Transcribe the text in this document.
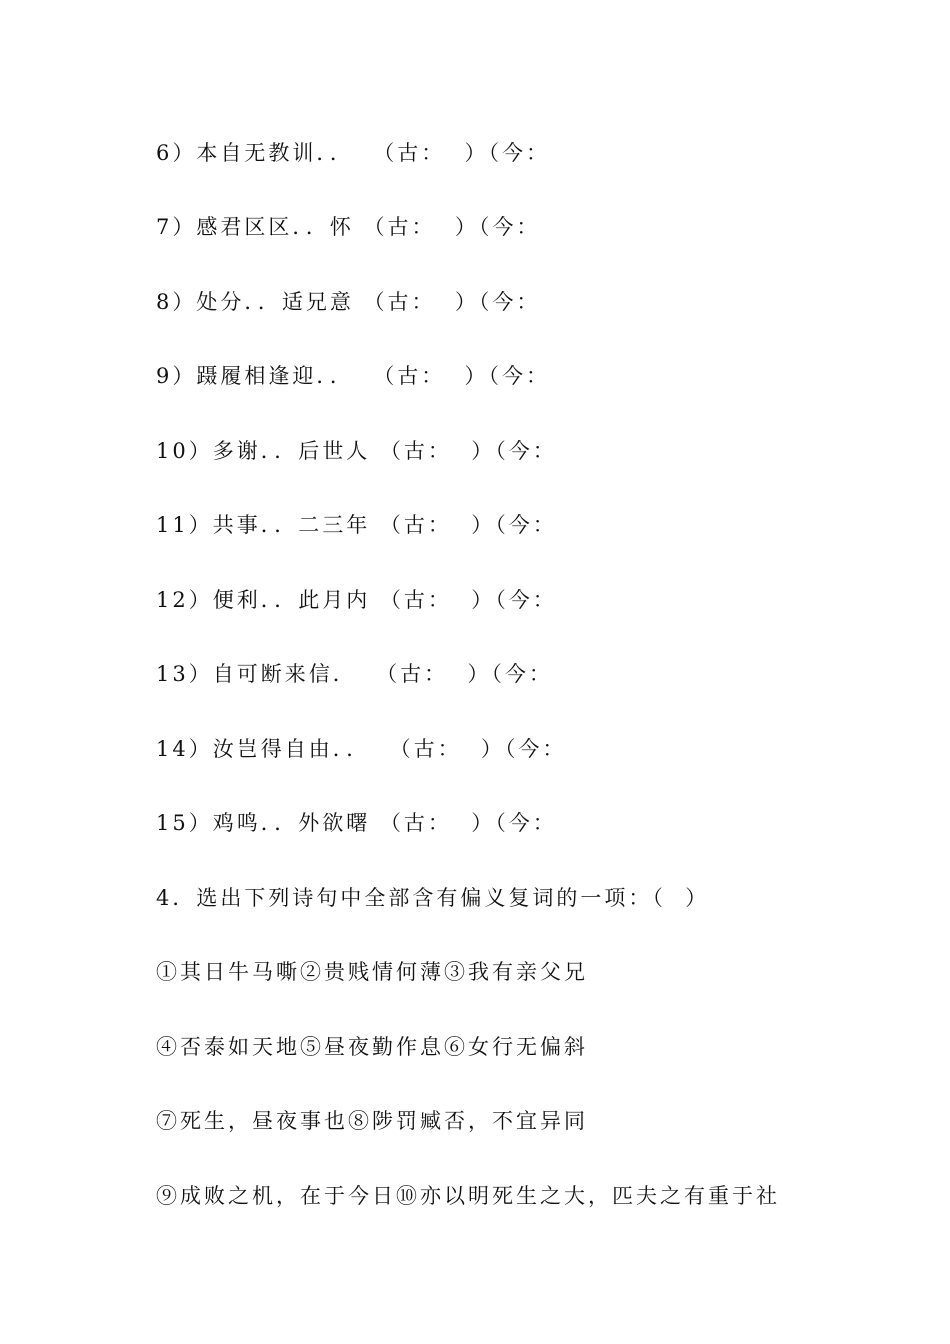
6）本自无教训．．  （古：  ）（今：
7）感君区区．．怀 （古：  ）（今：
8）处分．．适兄意 （古：  ）（今：
9）蹑履相逢迎．．  （古：  ）（今：
10）多谢．．后世人 （古：  ）（今：
11）共事．．二三年 （古：  ）（今：
12）便利．．此月内 （古：  ）（今：
13）自可断来信．  （古：  ）（今：
14）汝岂得自由．．  （古：  ）（今：
15）鸡鸣．．外欲曙 （古：  ）（今：
4．选出下列诗句中全部含有偏义复词的一项：（  ）
①其日牛马嘶②贵贱情何薄③我有亲父兄
④否泰如天地⑤昼夜勤作息⑥女行无偏斜
⑦死生，昼夜事也⑧陟罚臧否，不宜异同
⑨成败之机，在于今日⑩亦以明死生之大，匹夫之有重于社
